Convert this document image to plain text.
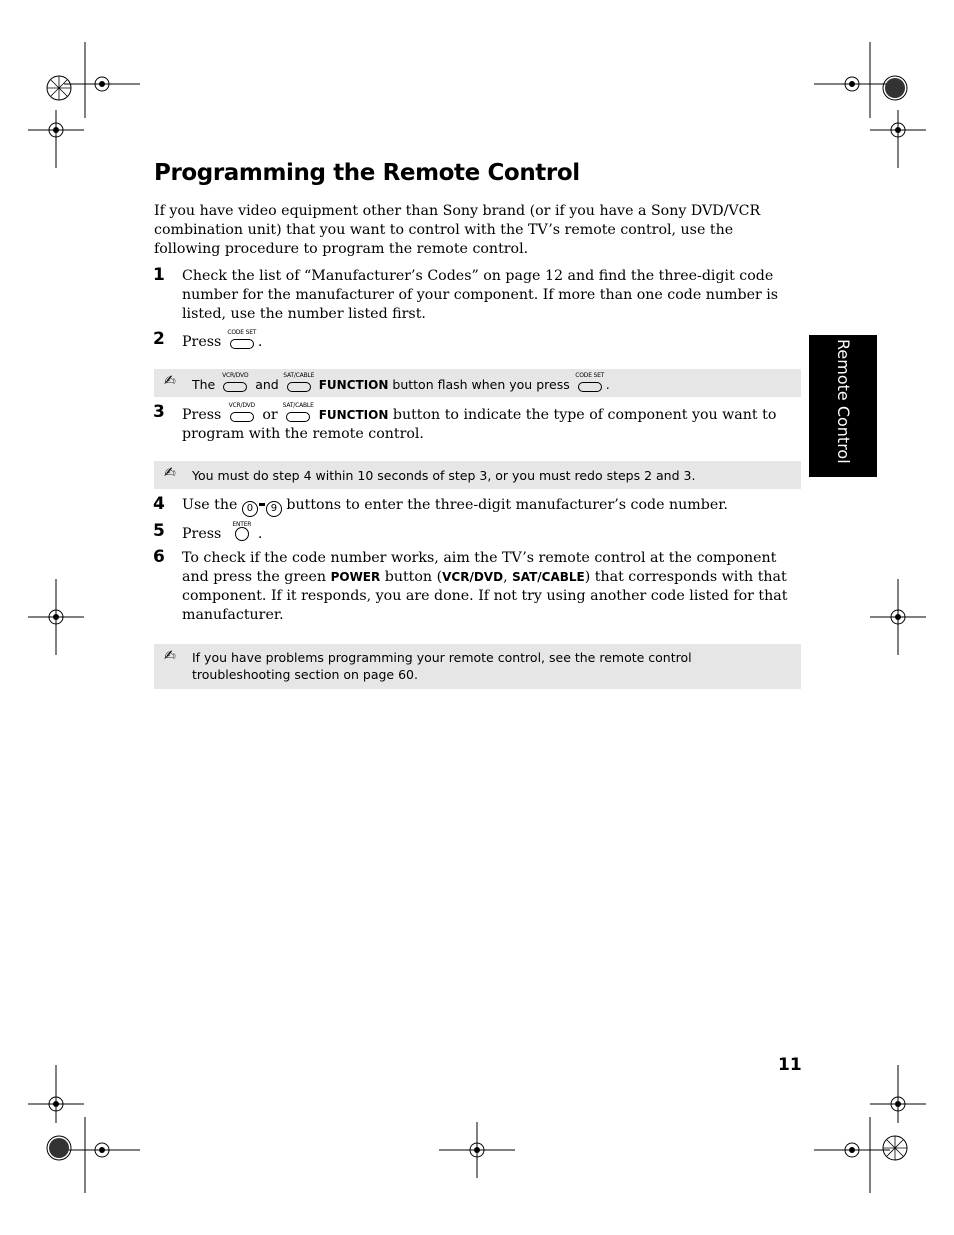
Programming the Remote Control

If you have video equipment other than Sony brand (or if you have a Sony DVD/VCR combination unit) that you want to control with the TV’s remote control, use the following procedure to program the remote control.

1 Check the list of “Manufacturer’s Codes” on page 12 and find the three-digit code number for the manufacturer of your component. If more than one code number is listed, use the number listed first.
2 Press
CODE SET
.
✍ The
VCR/DVD
and
SAT/CABLE
FUNCTION button flash when you press
CODE SET
.
3 Press
VCR/DVD
or
SAT/CABLE
FUNCTION button to indicate the type of component you want to program with the remote control.
✍ You must do step 4 within 10 seconds of step 3, or you must redo steps 2 and 3.
4 Use the 0 9 buttons to enter the three-digit manufacturer’s code number.
5 Press
ENTER
.
6 To check if the code number works, aim the TV’s remote control at the component and press the green POWER button (VCR/DVD, SAT/CABLE) that corresponds with that component. If it responds, you are done. If not try using another code listed for that manufacturer.
✍ If you have problems programming your remote control, see the remote control troubleshooting section on page 60.
Remote Control
11
